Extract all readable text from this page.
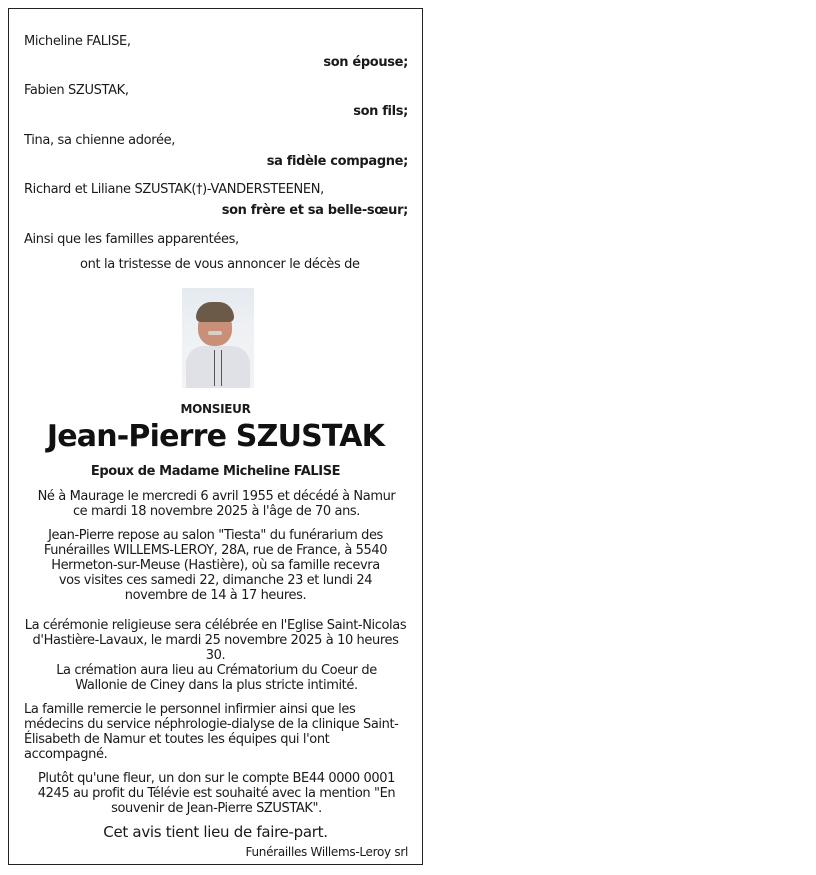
Micheline FALISE,
son épouse;
Fabien SZUSTAK,
son fils;
Tina, sa chienne adorée,
sa fidèle compagne;
Richard et Liliane SZUSTAK(†)-VANDERSTEENEN,
son frère et sa belle-sœur;
Ainsi que les familles apparentées,
ont la tristesse de vous annoncer le décès de
MONSIEUR
Jean-Pierre SZUSTAK
Epoux de Madame Micheline FALISE
Né à Maurage le mercredi 6 avril 1955 et décédé à Namur ce mardi 18 novembre 2025 à l'âge de 70 ans.
Jean-Pierre repose au salon "Tiesta" du funérarium des Funérailles WILLEMS-LEROY, 28A, rue de France, à 5540 Hermeton-sur-Meuse (Hastière), où sa famille recevra vos visites ces samedi 22, dimanche 23 et lundi 24 novembre de 14 à 17 heures.
La cérémonie religieuse sera célébrée en l'Eglise Saint-Nicolas d'Hastière-Lavaux, le mardi 25 novembre 2025 à 10 heures 30.
La crémation aura lieu au Crématorium du Coeur de Wallonie de Ciney dans la plus stricte intimité.
La famille remercie le personnel infirmier ainsi que les médecins du service néphrologie-dialyse de la clinique Saint-Élisabeth de Namur et toutes les équipes qui l'ont accompagné.
Plutôt qu'une fleur, un don sur le compte BE44 0000 0001 4245 au profit du Télévie est souhaité avec la mention "En souvenir de Jean-Pierre SZUSTAK".
Cet avis tient lieu de faire-part.
Funérailles Willems-Leroy srl
